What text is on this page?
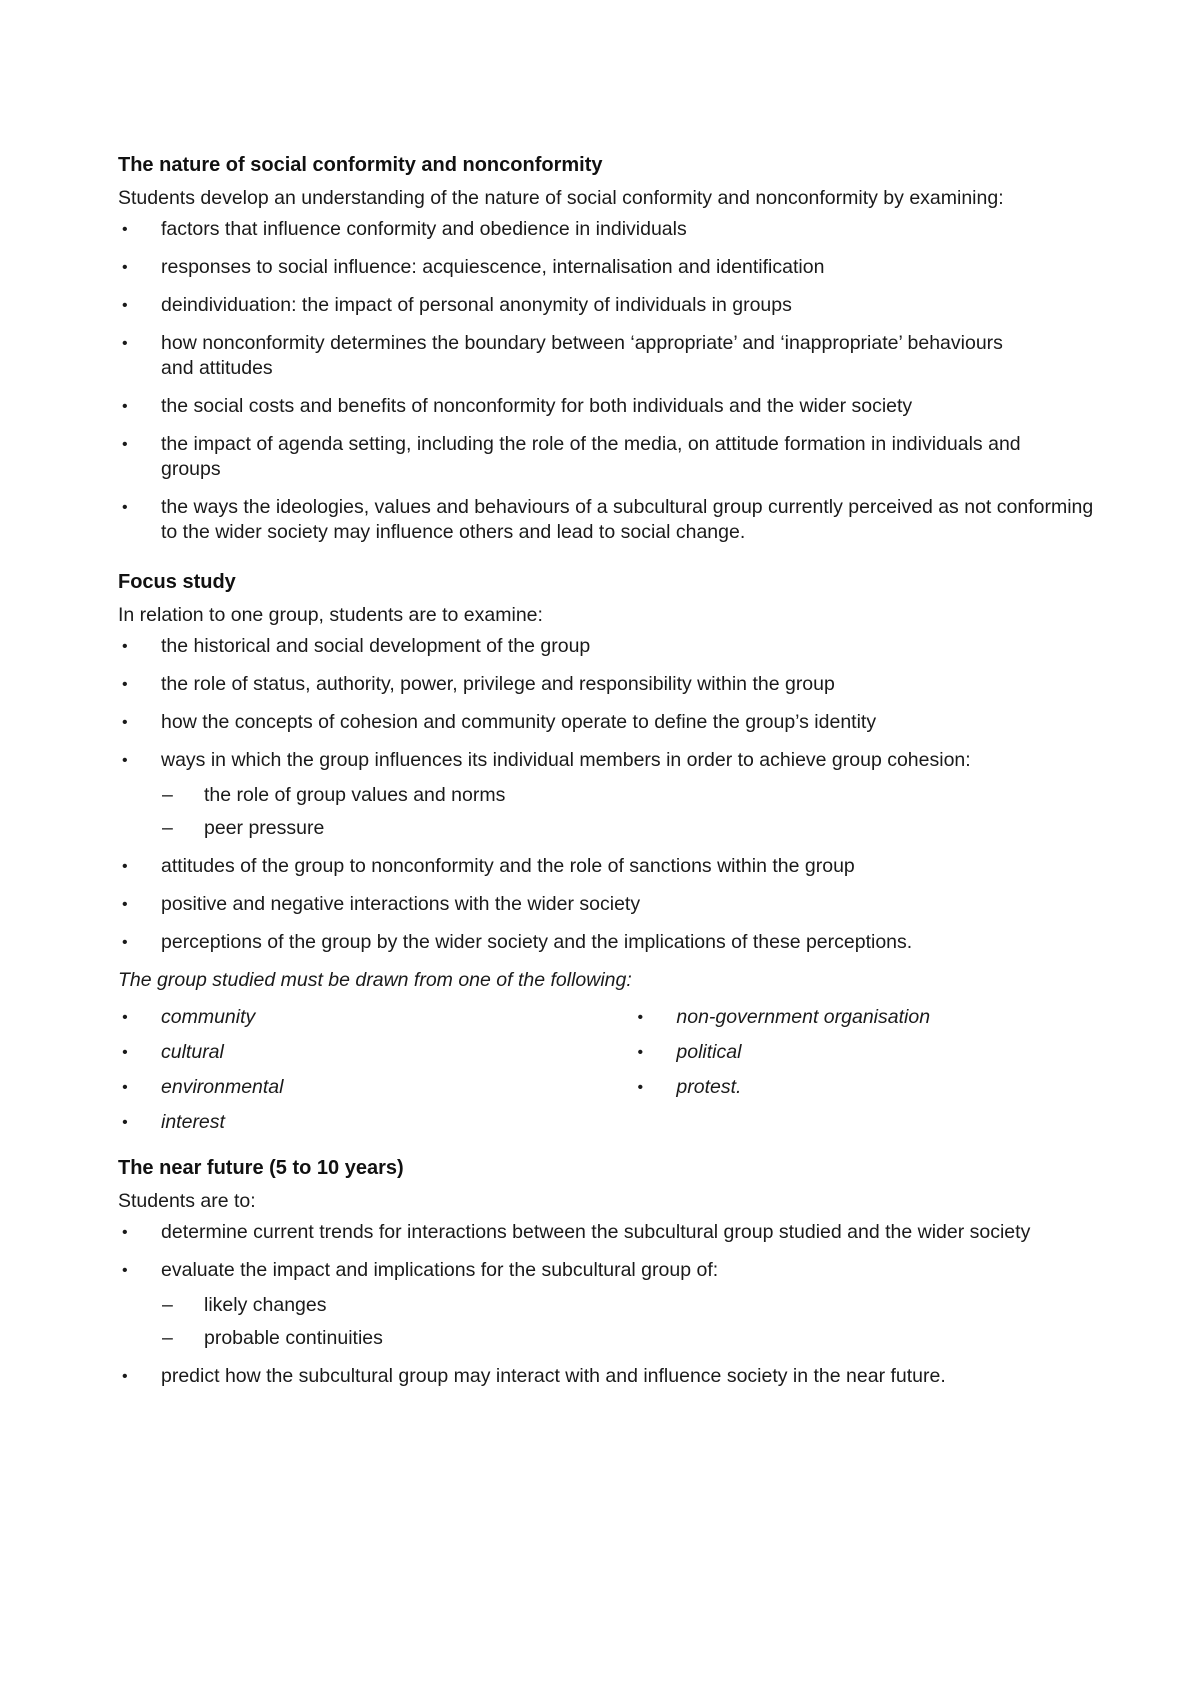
The nature of social conformity and nonconformity

Students develop an understanding of the nature of social conformity and nonconformity by examining:

• factors that influence conformity and obedience in individuals
• responses to social influence: acquiescence, internalisation and identification
• deindividuation: the impact of personal anonymity of individuals in groups
• how nonconformity determines the boundary between ‘appropriate’ and ‘inappropriate’ behaviours and attitudes
• the social costs and benefits of nonconformity for both individuals and the wider society
• the impact of agenda setting, including the role of the media, on attitude formation in individuals and groups
• the ways the ideologies, values and behaviours of a subcultural group currently perceived as not conforming to the wider society may influence others and lead to social change.
Focus study

In relation to one group, students are to examine:

• the historical and social development of the group
• the role of status, authority, power, privilege and responsibility within the group
• how the concepts of cohesion and community operate to define the group’s identity
• ways in which the group influences its individual members in order to achieve group cohesion:
– the role of group values and norms
– peer pressure
• attitudes of the group to nonconformity and the role of sanctions within the group
• positive and negative interactions with the wider society
• perceptions of the group by the wider society and the implications of these perceptions.
The group studied must be drawn from one of the following:
• community
• cultural
• environmental
• interest
• non-government organisation
• political
• protest.
The near future (5 to 10 years)

Students are to:

• determine current trends for interactions between the subcultural group studied and the wider society
• evaluate the impact and implications for the subcultural group of:
– likely changes
– probable continuities
• predict how the subcultural group may interact with and influence society in the near future.
